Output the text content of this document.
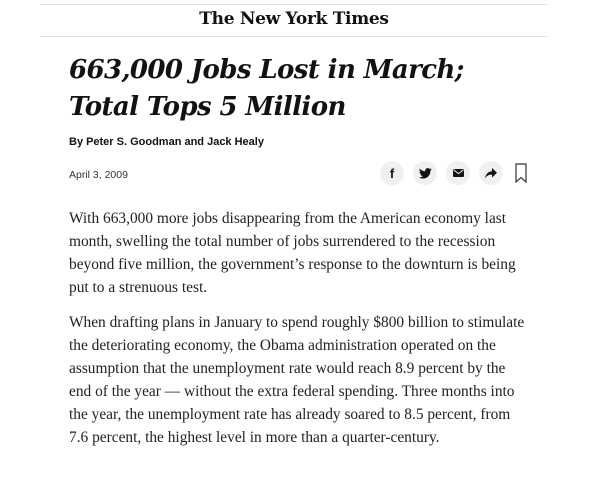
The New York Times
663,000 Jobs Lost in March; Total Tops 5 Million
By Peter S. Goodman and Jack Healy
April 3, 2009	f

With 663,000 more jobs disappearing from the American economy last month, swelling the total number of jobs surrendered to the recession beyond five million, the government’s response to the downturn is being put to a strenuous test.

When drafting plans in January to spend roughly $800 billion to stimulate the deteriorating economy, the Obama administration operated on the assumption that the unemployment rate would reach 8.9 percent by the end of the year — without the extra federal spending. Three months into the year, the unemployment rate has already soared to 8.5 percent, from 7.6 percent, the highest level in more than a quarter-century.
